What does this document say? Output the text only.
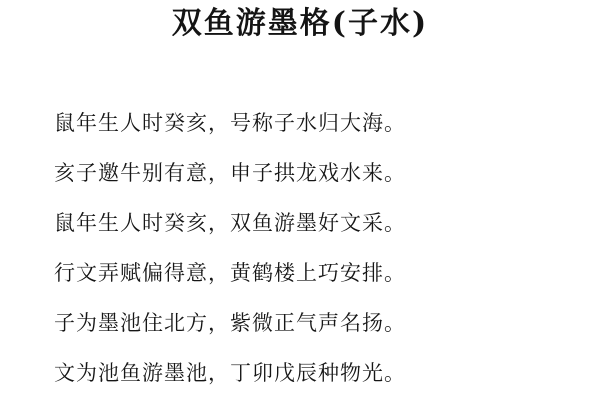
双鱼游墨格(子水)
鼠年生人时癸亥，号称子水归大海。
亥子邀牛别有意，申子拱龙戏水来。
鼠年生人时癸亥，双鱼游墨好文采。
行文弄赋偏得意，黄鹤楼上巧安排。
子为墨池住北方，紫微正气声名扬。
文为池鱼游墨池，丁卯戊辰种物光。
